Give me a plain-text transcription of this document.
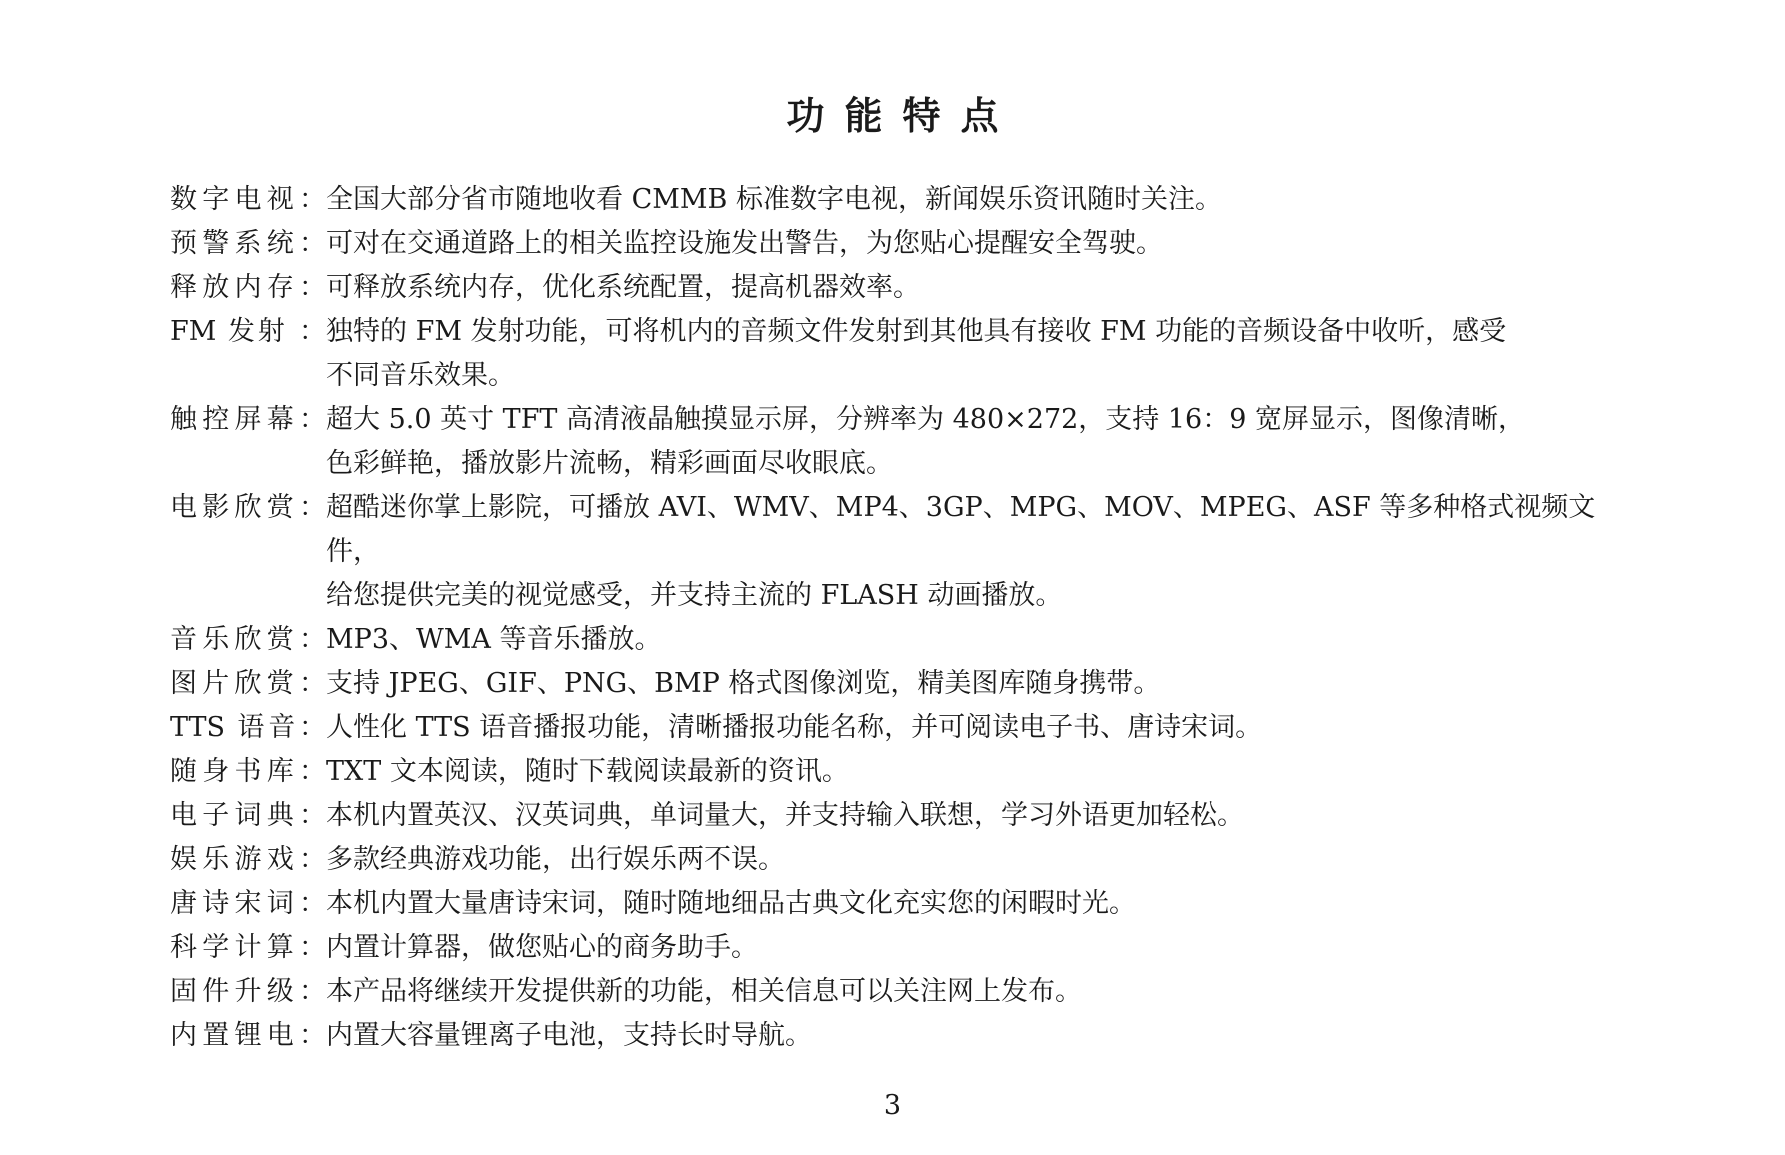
功能特点
数字电视： 全国大部分省市随地收看 CMMB 标准数字电视，新闻娱乐资讯随时关注。
预警系统： 可对在交通道路上的相关监控设施发出警告，为您贴心提醒安全驾驶。
释放内存： 可释放系统内存，优化系统配置，提高机器效率。
FM 发射 ： 独特的 FM 发射功能，可将机内的音频文件发射到其他具有接收 FM 功能的音频设备中收听，感受
不同音乐效果。
触控屏幕： 超大 5.0 英寸 TFT 高清液晶触摸显示屏，分辨率为 480×272，支持 16：9 宽屏显示，图像清晰，
色彩鲜艳，播放影片流畅，精彩画面尽收眼底。
电影欣赏： 超酷迷你掌上影院，可播放 AVI、WMV、MP4、3GP、MPG、MOV、MPEG、ASF 等多种格式视频文件，
给您提供完美的视觉感受，并支持主流的 FLASH 动画播放。
音乐欣赏： MP3、WMA 等音乐播放。
图片欣赏： 支持 JPEG、GIF、PNG、BMP 格式图像浏览，精美图库随身携带。
TTS 语音： 人性化 TTS 语音播报功能，清晰播报功能名称，并可阅读电子书、唐诗宋词。
随身书库： TXT 文本阅读，随时下载阅读最新的资讯。
电子词典： 本机内置英汉、汉英词典，单词量大，并支持输入联想，学习外语更加轻松。
娱乐游戏： 多款经典游戏功能，出行娱乐两不误。
唐诗宋词： 本机内置大量唐诗宋词，随时随地细品古典文化充实您的闲暇时光。
科学计算： 内置计算器，做您贴心的商务助手。
固件升级： 本产品将继续开发提供新的功能，相关信息可以关注网上发布。
内置锂电： 内置大容量锂离子电池，支持长时导航。
3
